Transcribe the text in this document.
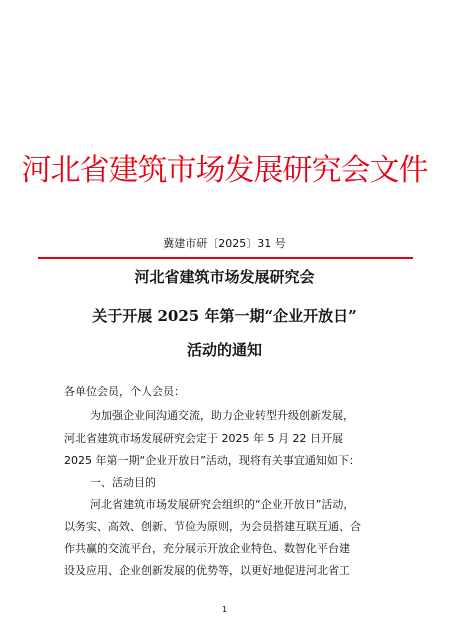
河北省建筑市场发展研究会文件
冀建市研〔2025〕31 号
河北省建筑市场发展研究会
关于开展 2025 年第一期“企业开放日”
活动的通知
各单位会员，个人会员：
为加强企业间沟通交流，助力企业转型升级创新发展，
河北省建筑市场发展研究会定于 2025 年 5 月 22 日开展
2025 年第一期“企业开放日”活动，现将有关事宜通知如下：
一、活动目的
河北省建筑市场发展研究会组织的“企业开放日”活动，
以务实、高效、创新、节俭为原则，为会员搭建互联互通、合
作共赢的交流平台，充分展示开放企业特色、数智化平台建
设及应用、企业创新发展的优势等，以更好地促进河北省工
1
